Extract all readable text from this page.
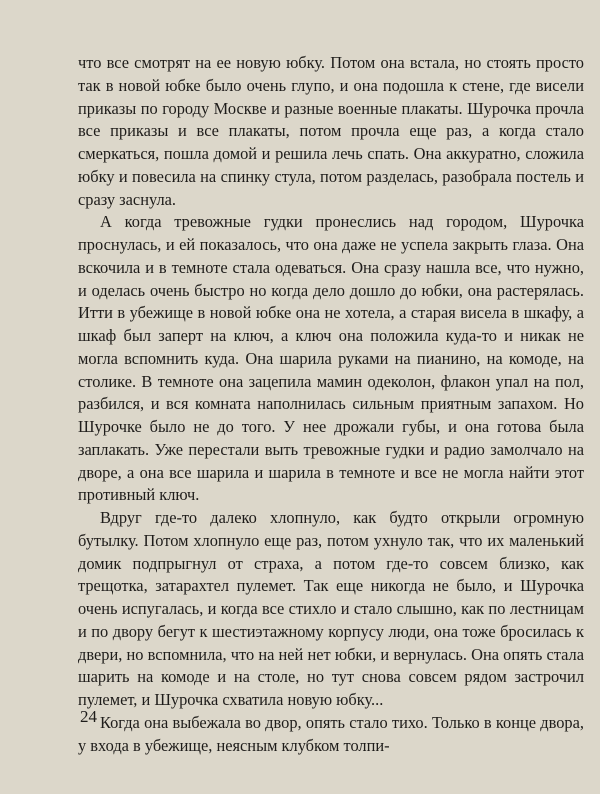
что все смотрят на ее новую юбку. Потом она встала, но стоять просто так в новой юбке было очень глупо, и она подошла к стене, где висели приказы по городу Москве и разные военные плакаты. Шурочка прочла все приказы и все плакаты, потом прочла еще раз, а когда стало смеркаться, пошла домой и решила лечь спать. Она аккуратно, сложила юбку и повесила на спинку стула, потом разделась, разобрала постель и сразу заснула.

А когда тревожные гудки пронеслись над городом, Шурочка проснулась, и ей показалось, что она даже не успела закрыть глаза. Она вскочила и в темноте стала одеваться. Она сразу нашла все, что нужно, и оделась очень быстро но когда дело дошло до юбки, она растерялась. Итти в убежище в новой юбке она не хотела, а старая висела в шкафу, а шкаф был заперт на ключ, а ключ она положила куда-то и никак не могла вспомнить куда. Она шарила руками на пианино, на комоде, на столике. В темноте она зацепила мамин одеколон, флакон упал на пол, разбился, и вся комната наполнилась сильным приятным запахом. Но Шурочке было не до того. У нее дрожали губы, и она готова была заплакать. Уже перестали выть тревожные гудки и радио замолчало на дворе, а она все шарила и шарила в темноте и все не могла найти этот противный ключ.

Вдруг где-то далеко хлопнуло, как будто открыли огромную бутылку. Потом хлопнуло еще раз, потом ухнуло так, что их маленький домик подпрыгнул от страха, а потом где-то совсем близко, как трещотка, затарахтел пулемет. Так еще никогда не было, и Шурочка очень испугалась, и когда все стихло и стало слышно, как по лестницам и по двору бегут к шестиэтажному корпусу люди, она тоже бросилась к двери, но вспомнила, что на ней нет юбки, и вернулась. Она опять стала шарить на комоде и на столе, но тут снова совсем рядом застрочил пулемет, и Шурочка схватила новую юбку...

Когда она выбежала во двор, опять стало тихо. Только в конце двора, у входа в убежище, неясным клубком толпи-

24
